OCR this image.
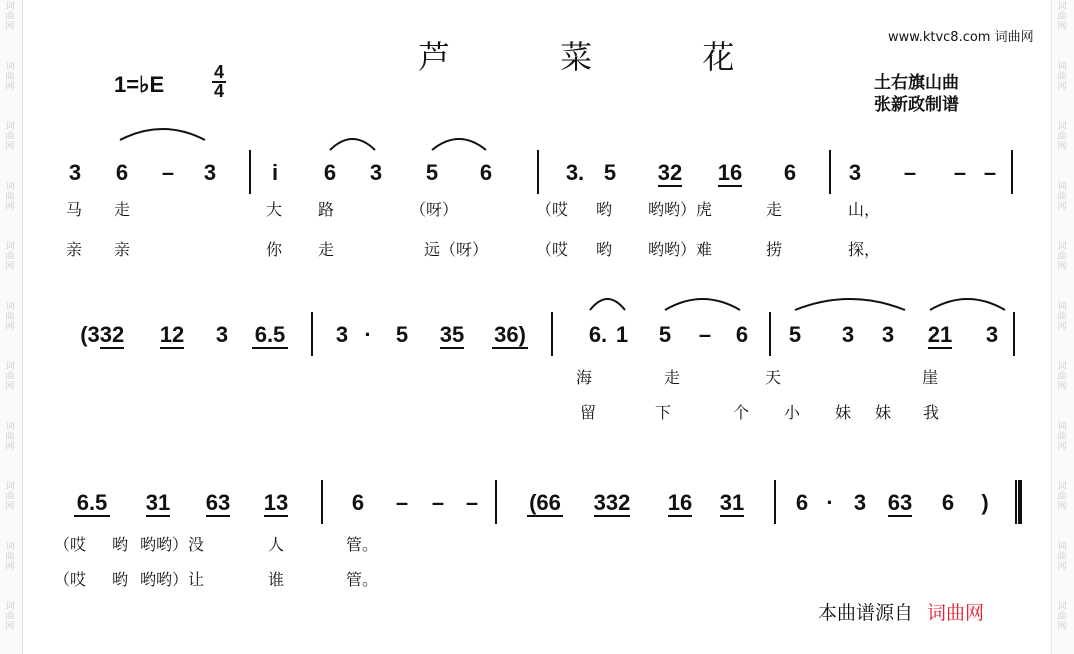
词
曲
网
词
曲
网
词
曲
网
词
曲
网
词
曲
网
词
曲
网
词
曲
网
词
曲
网
词
曲
网
词
曲
网
词
曲
网
词
曲
网
词
曲
网
词
曲
网
词
曲
网
词
曲
网
词
曲
网
词
曲
网
词
曲
网
词
曲
网
词
曲
网
词
曲
网
芦 菜 花
1=♭E	4
4	土右旗山曲
张新政制谱
www.ktvc8.com 词曲网
本曲谱源自 词曲网
3 6 – 3	i 6 3 5 6	3. 5 32 16 6 3 – – –
(3 32 12 3 6.5 3 · 5 35 36)	6. 1 5 – 6 5 3 3 21 3
6.5 31 63 13	6 – – – (66 332 16 31 6 · 3 63 6 )
马 走	大 路	（呀）	（哎 哟 哟哟）虎	走	山，
亲 亲	你 走	远（呀）	（哎 哟 哟哟）难	捞	探，
海	走	天	崖
留	下	个 小 妹 妹 我
（哎 哟 哟哟）没	人	管。
（哎 哟 哟哟）让	谁	管。
